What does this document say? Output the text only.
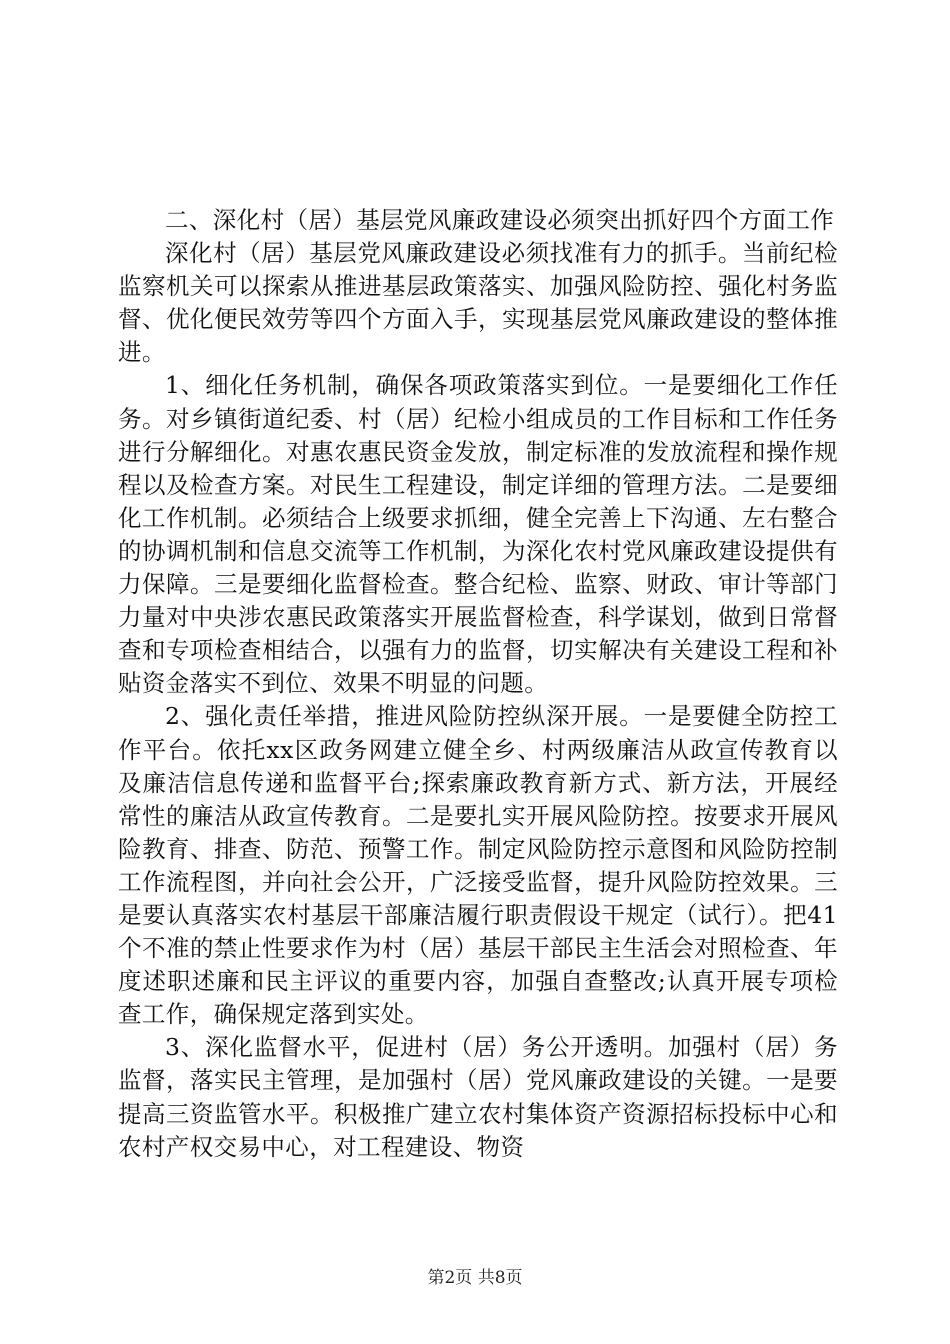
二、深化村（居）基层党风廉政建设必须突出抓好四个方面工作

深化村（居）基层党风廉政建设必须找准有力的抓手。当前纪检监察机关可以探索从推进基层政策落实、加强风险防控、强化村务监督、优化便民效劳等四个方面入手，实现基层党风廉政建设的整体推进。

1、细化任务机制，确保各项政策落实到位。一是要细化工作任务。对乡镇街道纪委、村（居）纪检小组成员的工作目标和工作任务进行分解细化。对惠农惠民资金发放，制定标准的发放流程和操作规程以及检查方案。对民生工程建设，制定详细的管理方法。二是要细化工作机制。必须结合上级要求抓细，健全完善上下沟通、左右整合的协调机制和信息交流等工作机制，为深化农村党风廉政建设提供有力保障。三是要细化监督检查。整合纪检、监察、财政、审计等部门力量对中央涉农惠民政策落实开展监督检查，科学谋划，做到日常督查和专项检查相结合，以强有力的监督，切实解决有关建设工程和补贴资金落实不到位、效果不明显的问题。

2、强化责任举措，推进风险防控纵深开展。一是要健全防控工作平台。依托xx区政务网建立健全乡、村两级廉洁从政宣传教育以及廉洁信息传递和监督平台;探索廉政教育新方式、新方法，开展经常性的廉洁从政宣传教育。二是要扎实开展风险防控。按要求开展风险教育、排查、防范、预警工作。制定风险防控示意图和风险防控制工作流程图，并向社会公开，广泛接受监督，提升风险防控效果。三是要认真落实农村基层干部廉洁履行职责假设干规定（试行）。把41个不准的禁止性要求作为村（居）基层干部民主生活会对照检查、年度述职述廉和民主评议的重要内容，加强自查整改;认真开展专项检查工作，确保规定落到实处。

3、深化监督水平，促进村（居）务公开透明。加强村（居）务监督，落实民主管理，是加强村（居）党风廉政建设的关键。一是要提高三资监管水平。积极推广建立农村集体资产资源招标投标中心和农村产权交易中心，对工程建设、物资

第2页 共8页
